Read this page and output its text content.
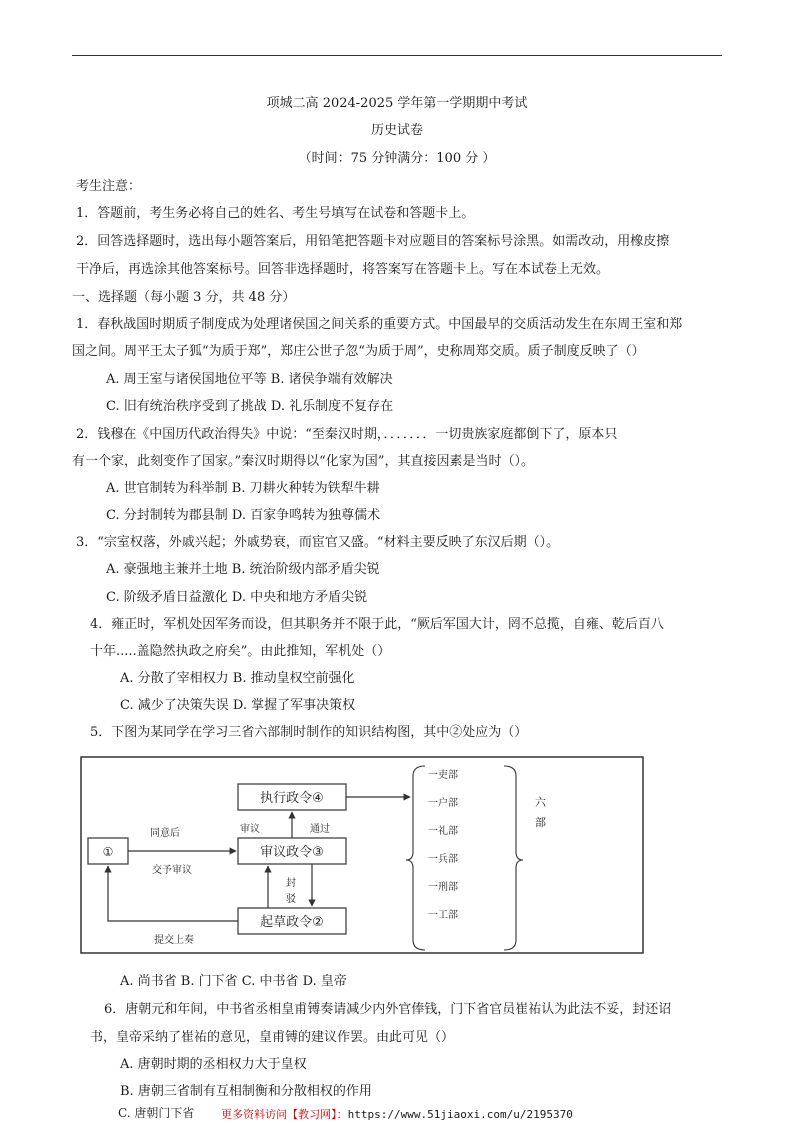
项城二高 2024-2025 学年第一学期期中考试
历史试卷
（时间：75 分钟满分：100 分 ）
考生注意：
1．答题前，考生务必将自己的姓名、考生号填写在试卷和答题卡上。
2．回答选择题时，选出每小题答案后，用铅笔把答题卡对应题目的答案标号涂黑。如需改动，用橡皮擦
干净后，再选涂其他答案标号。回答非选择题时，将答案写在答题卡上。写在本试卷上无效。
一、选择题（每小题 3 分，共 48 分）
1．春秋战国时期质子制度成为处理诸侯国之间关系的重要方式。中国最早的交质活动发生在东周王室和郑
国之间。周平王太子狐“为质于郑”，郑庄公世子忽“为质于周”，史称周郑交质。质子制度反映了（）
A. 周王室与诸侯国地位平等 B. 诸侯争端有效解决
C. 旧有统治秩序受到了挑战 D. 礼乐制度不复存在
2．钱穆在《中国历代政治得失》中说：“至秦汉时期，．．．．．．．一切贵族家庭都倒下了，原本只
有一个家，此刻变作了国家。”秦汉时期得以“化家为国”，其直接因素是当时（）。
A. 世官制转为科举制 B. 刀耕火种转为铁犁牛耕
C. 分封制转为郡县制 D. 百家争鸣转为独尊儒术
3．“宗室权落，外戚兴起；外戚势衰，而宦官又盛。“材料主要反映了东汉后期（）。
A. 豪强地主兼并土地 B. 统治阶级内部矛盾尖锐
C. 阶级矛盾日益激化 D. 中央和地方矛盾尖锐
4．雍正时，军机处因军务而设，但其职务并不限于此，“厥后军国大计，罔不总揽，自雍、乾后百八
十年.....盖隐然执政之府矣”。由此推知，军机处（）
A. 分散了宰相权力 B. 推动皇权空前强化
C. 减少了决策失误 D. 掌握了军事决策权
5．下图为某同学在学习三省六部制时制作的知识结构图，其中②处应为（）
执行政令④
审议政令③
起草政令②
①
同意后
交予审议
审议	通过
封
驳
提交上奏
一吏部
一户部
一礼部
一兵部
一刑部
一工部
六
部
A. 尚书省 B. 门下省 C. 中书省 D. 皇帝
6．唐朝元和年间，中书省丞相皇甫镈奏请减少内外官俸钱，门下省官员崔祐认为此法不妥，封还诏
书，皇帝采纳了崔祐的意见，皇甫镈的建议作罢。由此可见（）
A. 唐朝时期的丞相权力大于皇权
B. 唐朝三省制有互相制衡和分散相权的作用
C. 唐朝门下省 更多资料访问【教习网】：https://www.51jiaoxi.com/u/2195370
